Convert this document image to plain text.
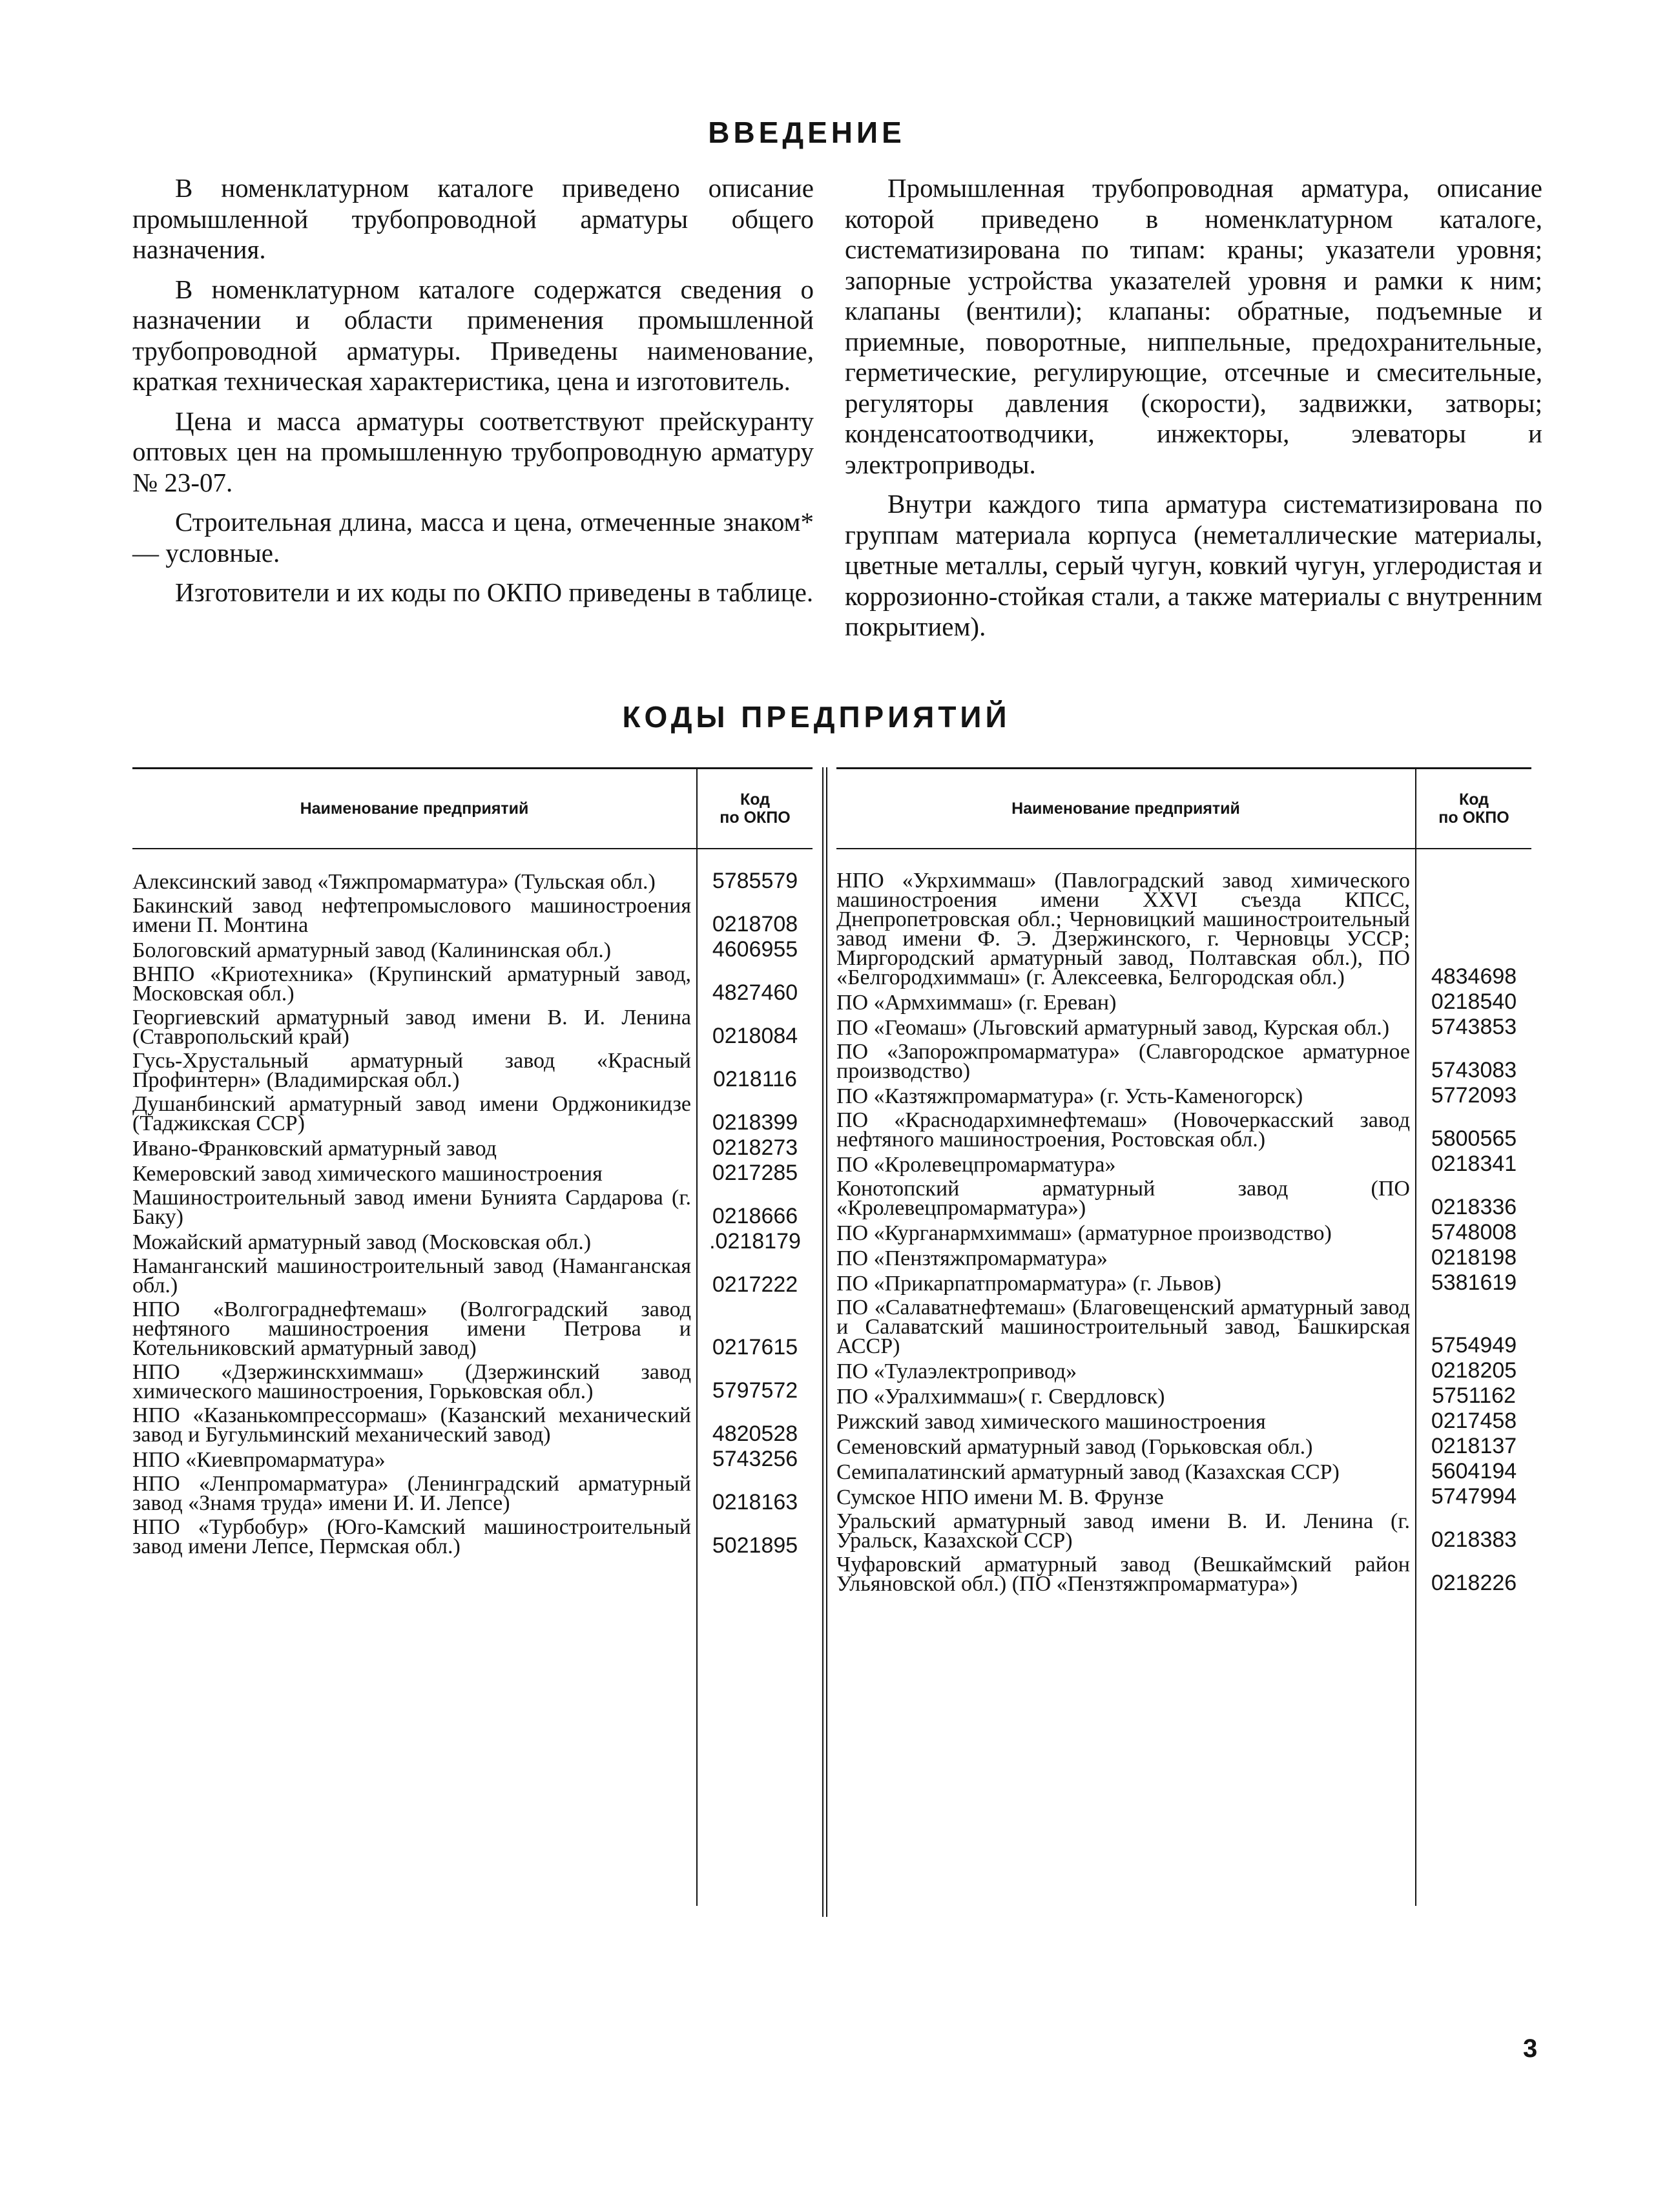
ВВЕДЕНИЕ

В номенклатурном каталоге приведено описание промышленной трубопроводной арматуры общего назначения.

В номенклатурном каталоге содержатся сведения о назначении и области применения промышленной трубопроводной арматуры. Приведены наименование, краткая техническая характеристика, цена и изготовитель.

Цена и масса арматуры соответствуют прейскуранту оптовых цен на промышленную трубопроводную арматуру № 23-07.

Строительная длина, масса и цена, отмеченные знаком* — условные.

Изготовители и их коды по ОКПО приведены в таблице.

Промышленная трубопроводная арматура, описание которой приведено в номенклатурном каталоге, систематизирована по типам: краны; указатели уровня; запорные устройства указателей уровня и рамки к ним; клапаны (вентили); клапаны: обратные, подъемные и приемные, поворотные, ниппельные, предохранительные, герметические, регулирующие, отсечные и смесительные, регуляторы давления (скорости), задвижки, затворы; конденсатоотводчики, инжекторы, элеваторы и электроприводы.

Внутри каждого типа арматура систематизирована по группам материала корпуса (неметаллические материалы, цветные металлы, серый чугун, ковкий чугун, углеродистая и коррозионно-стойкая стали, а также материалы с внутренним покрытием).

КОДЫ ПРЕДПРИЯТИЙ
Наименование предприятий	Код
по ОКПО
Алексинский завод «Тяжпромарматура» (Тульская обл.)	5785579
Бакинский завод нефтепромыслового машиностроения имени П. Монтина	0218708
Бологовский арматурный завод (Калининская обл.)	4606955
ВНПО «Криотехника» (Крупинский арматурный завод, Московская обл.)	4827460
Георгиевский арматурный завод имени В. И. Ленина (Ставропольский край)	0218084
Гусь-Хрустальный арматурный завод «Красный Профинтерн» (Владимирская обл.)	0218116
Душанбинский арматурный завод имени Орджоникидзе (Таджикская ССР)	0218399
Ивано-Франковский арматурный завод	0218273
Кемеровский завод химического машиностроения	0217285
Машиностроительный завод имени Бунията Сардарова (г. Баку)	0218666
Можайский арматурный завод (Московская обл.)	.0218179
Наманганский машиностроительный завод (Наманганская обл.)	0217222
НПО «Волгограднефтемаш» (Волгоградский завод нефтяного машиностроения имени Петрова и Котельниковский арматурный завод)	0217615
НПО «Дзержинскхиммаш» (Дзержинский завод химического машиностроения, Горьковская обл.)	5797572
НПО «Казанькомпрессормаш» (Казанский механический завод и Бугульминский механический завод)	4820528
НПО «Киевпромарматура»	5743256
НПО «Ленпромарматура» (Ленинградский арматурный завод «Знамя труда» имени И. И. Лепсе)	0218163
НПО «Турбобур» (Юго-Камский машиностроительный завод имени Лепсе, Пермская обл.)	5021895
Наименование предприятий	Код
по ОКПО
НПО «Укрхиммаш» (Павлоградский завод химического машиностроения имени XXVI съезда КПСС, Днепропетровская обл.; Черновицкий машиностроительный завод имени Ф. Э. Дзержинского, г. Черновцы УССР; Миргородский арматурный завод, Полтавская обл.), ПО «Белгородхиммаш» (г. Алексеевка, Белгородская обл.)	4834698
ПО «Армхиммаш» (г. Ереван)	0218540
ПО «Геомаш» (Льговский арматурный завод, Курская обл.)	5743853
ПО «Запорожпромарматура» (Славгородское арматурное производство)	5743083
ПО «Казтяжпромарматура» (г. Усть-Каменогорск)	5772093
ПО «Краснодархимнефтемаш» (Новочеркасский завод нефтяного машиностроения, Ростовская обл.)	5800565
ПО «Кролевецпромарматура»	0218341
Конотопский арматурный завод (ПО «Кролевецпромарматура»)	0218336
ПО «Курганармхиммаш» (арматурное производство)	5748008
ПО «Пензтяжпромарматура»	0218198
ПО «Прикарпатпромарматура» (г. Львов)	5381619
ПО «Салаватнефтемаш» (Благовещенский арматурный завод и Салаватский машиностроительный завод, Башкирская АССР)	5754949
ПО «Тулаэлектропривод»	0218205
ПО «Уралхиммаш»( г. Свердловск)	5751162
Рижский завод химического машиностроения	0217458
Семеновский арматурный завод (Горьковская обл.)	0218137
Семипалатинский арматурный завод (Казахская ССР)	5604194
Сумское НПО имени М. В. Фрунзе	5747994
Уральский арматурный завод имени В. И. Ленина (г. Уральск, Казахской ССР)	0218383
Чуфаровский арматурный завод (Вешкаймский район Ульяновской обл.) (ПО «Пензтяжпромарматура»)	0218226
3
